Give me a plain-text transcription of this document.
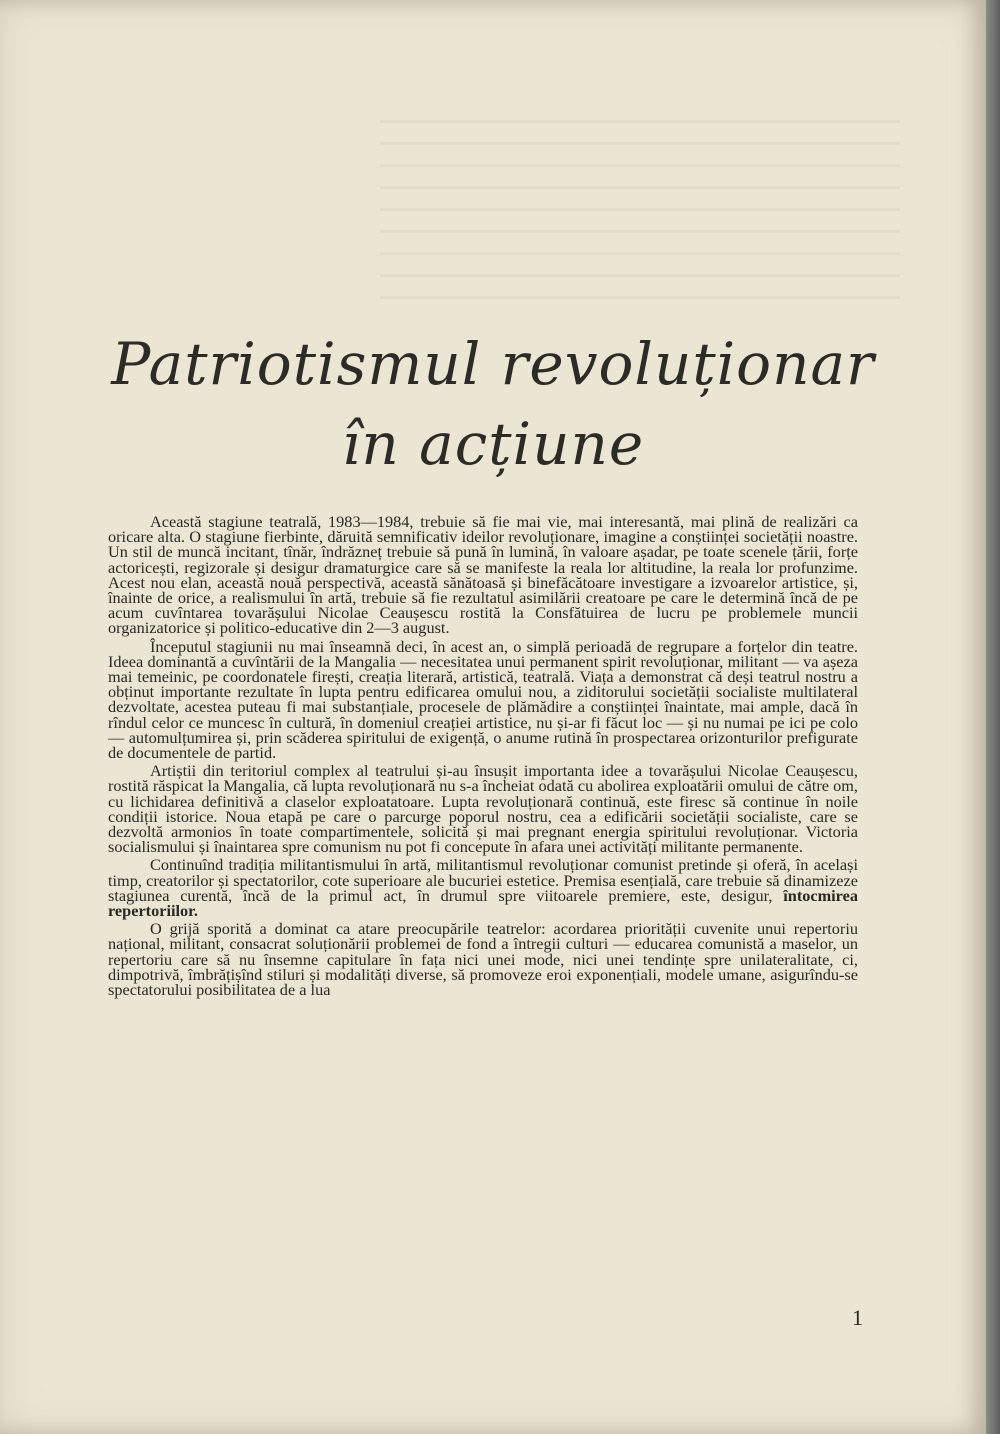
Patriotismul revoluționar
în acțiune

Această stagiune teatrală, 1983—1984, trebuie să fie mai vie, mai interesantă, mai plină de realizări ca oricare alta. O stagiune fierbinte, dăruită semnificativ ideilor revoluționare, imagine a conștiinței societății noastre. Un stil de muncă incitant, tînăr, îndrăzneț trebuie să pună în lumină, în valoare așadar, pe toate scenele țării, forțe actoricești, regizorale și desigur dramaturgice care să se manifeste la reala lor altitudine, la reala lor profunzime. Acest nou elan, această nouă perspectivă, această sănătoasă și binefăcătoare investigare a izvoarelor artistice, și, înainte de orice, a realismului în artă, trebuie să fie rezultatul asimilării creatoare pe care le determină încă de pe acum cuvîntarea tovarășului Nicolae Ceaușescu rostită la Consfătuirea de lucru pe problemele muncii organizatorice și politico-educative din 2—3 august.

Începutul stagiunii nu mai înseamnă deci, în acest an, o simplă perioadă de regrupare a forțelor din teatre. Ideea dominantă a cuvîntării de la Mangalia — necesitatea unui permanent spirit revoluționar, militant — va așeza mai temeinic, pe coordonatele firești, creația literară, artistică, teatrală. Viața a demonstrat că deși teatrul nostru a obținut importante rezultate în lupta pentru edificarea omului nou, a ziditorului societății socialiste multilateral dezvoltate, acestea puteau fi mai substanțiale, procesele de plămădire a conștiinței înaintate, mai ample, dacă în rîndul celor ce muncesc în cultură, în domeniul creației artistice, nu și-ar fi făcut loc — și nu numai pe ici pe colo — automulțumirea și, prin scăderea spiritului de exigență, o anume rutină în prospectarea orizonturilor prefigurate de documentele de partid.

Artiștii din teritoriul complex al teatrului și-au însușit importanta idee a tovarășului Nicolae Ceaușescu, rostită răspicat la Mangalia, că lupta revoluționară nu s-a încheiat odată cu abolirea exploatării omului de către om, cu lichidarea definitivă a claselor exploatatoare. Lupta revoluționară continuă, este firesc să continue în noile condiții istorice. Noua etapă pe care o parcurge poporul nostru, cea a edificării societății socialiste, care se dezvoltă armonios în toate compartimentele, solicită și mai pregnant energia spiritului revoluționar. Victoria socialismului și înaintarea spre comunism nu pot fi concepute în afara unei activități militante permanente.

Continuînd tradiția militantismului în artă, militantismul revoluționar comunist pretinde și oferă, în același timp, creatorilor și spectatorilor, cote superioare ale bucuriei estetice. Premisa esențială, care trebuie să dinamizeze stagiunea curentă, încă de la primul act, în drumul spre viitoarele premiere, este, desigur, întocmirea repertoriilor.

O grijă sporită a dominat ca atare preocupările teatrelor: acordarea priorității cuvenite unui repertoriu național, militant, consacrat soluționării problemei de fond a întregii culturi — educarea comunistă a maselor, un repertoriu care să nu însemne capitulare în fața nici unei mode, nici unei tendințe spre unilateralitate, ci, dimpotrivă, îmbrățișînd stiluri și modalități diverse, să promoveze eroi exponențiali, modele umane, asigurîndu-se spectatorului posibilitatea de a lua

1
